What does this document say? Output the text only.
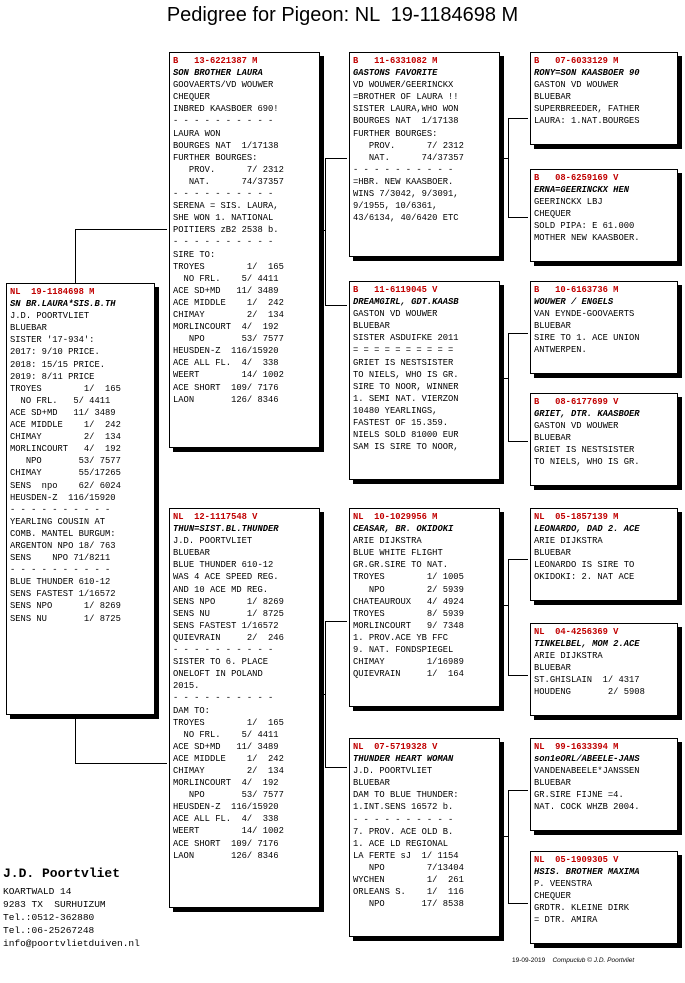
Pedigree for Pigeon: NL  19-1184698 M
NL  19-1184698 M
SN BR.LAURA*SIS.B.TH
J.D. POORTVLIET
BLUEBAR
SISTER '17-934':
2017: 9/10 PRICE.
2018: 15/15 PRICE.
2019: 8/11 PRICE
TROYES        1/  165
NO FRL.   5/ 4411
ACE SD+MD   11/ 3489
ACE MIDDLE    1/  242
CHIMAY        2/  134
MORLINCOURT   4/  192
NPO       53/ 7577
CHIMAY       55/17265
SENS  npo    62/ 6024
HEUSDEN-Z  116/15920
- - - - - - - - - -
YEARLING COUSIN AT
COMB. MANTEL BURGUM:
ARGENTON NPO 18/ 763
SENS    NPO 71/8211
- - - - - - - - - -
BLUE THUNDER 610-12
SENS FASTEST 1/16572
SENS NPO      1/ 8269
SENS NU       1/ 8725
B   13-6221387 M
SON BROTHER LAURA
GOOVAERTS/VD WOUWER
CHEQUER
INBRED KAASBOER 690!
- - - - - - - - - -
LAURA WON
BOURGES NAT  1/17138
FURTHER BOURGES:
PROV.      7/ 2312
NAT.      74/37357
- - - - - - - - - -
SERENA = SIS. LAURA,
SHE WON 1. NATIONAL
POITIERS zB2 2538 b.
- - - - - - - - - -
SIRE TO:
TROYES        1/  165
NO FRL.    5/ 4411
ACE SD+MD   11/ 3489
ACE MIDDLE    1/  242
CHIMAY        2/  134
MORLINCOURT  4/  192
NPO       53/ 7577
HEUSDEN-Z  116/15920
ACE ALL FL.  4/  338
WEERT        14/ 1002
ACE SHORT  109/ 7176
LAON       126/ 8346
NL  12-1117548 V
THUN=SIST.BL.THUNDER
J.D. POORTVLIET
BLUEBAR
BLUE THUNDER 610-12
WAS 4 ACE SPEED REG.
AND 10 ACE MD REG.
SENS NPO      1/ 8269
SENS NU       1/ 8725
SENS FASTEST 1/16572
QUIEVRAIN     2/  246
- - - - - - - - - -
SISTER TO 6. PLACE
ONELOFT IN POLAND
2015.
- - - - - - - - - -
DAM TO:
TROYES        1/  165
NO FRL.    5/ 4411
ACE SD+MD   11/ 3489
ACE MIDDLE    1/  242
CHIMAY        2/  134
MORLINCOURT  4/  192
NPO       53/ 7577
HEUSDEN-Z  116/15920
ACE ALL FL.  4/  338
WEERT        14/ 1002
ACE SHORT  109/ 7176
LAON       126/ 8346
B   11-6331082 M
GASTONS FAVORITE
VD WOUWER/GEERINCKX
=BROTHER OF LAURA !!
SISTER LAURA,WHO WON
BOURGES NAT  1/17138
FURTHER BOURGES:
PROV.      7/ 2312
NAT.      74/37357
- - - - - - - - - -
=HBR. NEW KAASBOER.
WINS 7/3042, 9/3091,
9/1955, 10/6361,
43/6134, 40/6420 ETC
B   11-6119045 V
DREAMGIRL, GDT.KAASB
GASTON VD WOUWER
BLUEBAR
SISTER ASDUIFKE 2011
= = = = = = = = = =
GRIET IS NESTSISTER
TO NIELS, WHO IS GR.
SIRE TO NOOR, WINNER
1. SEMI NAT. VIERZON
10480 YEARLINGS,
FASTEST OF 15.359.
NIELS SOLD 81000 EUR
SAM IS SIRE TO NOOR,
NL  10-1029956 M
CEASAR, BR. OKIDOKI
ARIE DIJKSTRA
BLUE WHITE FLIGHT
GR.GR.SIRE TO NAT.
TROYES        1/ 1005
NPO        2/ 5939
CHATEAUROUX   4/ 4924
TROYES        8/ 5939
MORLINCOURT   9/ 7348
1. PROV.ACE YB FFC
9. NAT. FONDSPIEGEL
CHIMAY        1/16989
QUIEVRAIN     1/  164
NL  07-5719328 V
THUNDER HEART WOMAN
J.D. POORTVLIET
BLUEBAR
DAM TO BLUE THUNDER:
1.INT.SENS 16572 b.
- - - - - - - - - -
7. PROV. ACE OLD B.
1. ACE LD REGIONAL
LA FERTE sJ  1/ 1154
NPO        7/13404
WYCHEN        1/  261
ORLEANS S.    1/  116
NPO       17/ 8538
B   07-6033129 M
RONY=SON KAASBOER 90
GASTON VD WOUWER
BLUEBAR
SUPERBREEDER, FATHER
LAURA: 1.NAT.BOURGES
B   08-6259169 V
ERNA=GEERINCKX HEN
GEERINCKX LBJ
CHEQUER
SOLD PIPA: E 61.000
MOTHER NEW KAASBOER.
B   10-6163736 M
WOUWER / ENGELS
VAN EYNDE-GOOVAERTS
BLUEBAR
SIRE TO 1. ACE UNION
ANTWERPEN.
B   08-6177699 V
GRIET, DTR. KAASBOER
GASTON VD WOUWER
BLUEBAR
GRIET IS NESTSISTER
TO NIELS, WHO IS GR.
NL  05-1857139 M
LEONARDO, DAD 2. ACE
ARIE DIJKSTRA
BLUEBAR
LEONARDO IS SIRE TO
OKIDOKI: 2. NAT ACE
NL  04-4256369 V
TINKELBEL, MOM 2.ACE
ARIE DIJKSTRA
BLUEBAR
ST.GHISLAIN  1/ 4317
HOUDENG       2/ 5908
NL  99-1633394 M
son1eORL/ABEELE-JANS
VANDENABEELE*JANSSEN
BLUEBAR
GR.SIRE FIJNE =4.
NAT. COCK WHZB 2004.
NL  05-1909305 V
HSIS. BROTHER MAXIMA
P. VEENSTRA
CHEQUER
GRDTR. KLEINE DIRK
= DTR. AMIRA
J.D. Poortvliet
KOARTWALD 14
9283 TX  SURHUIZUM
Tel.:0512-362880
Tel.:06-25267248
info@poortvlietduiven.nl
19-09-2019 Compuclub © J.D. Poortvliet
